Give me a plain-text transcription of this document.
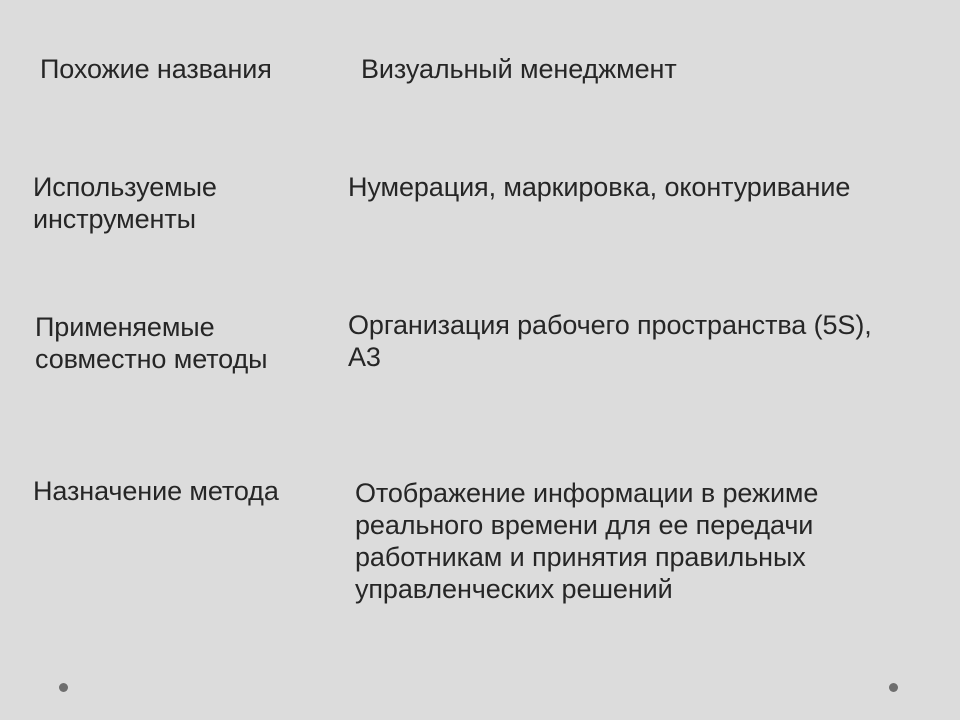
Похожие названия	Визуальный менеджмент
Используемые
инструменты
Нумерация, маркировка, оконтуривание
Применяемые
совместно методы
Организация рабочего пространства (5S),
А3
Назначение метода	Отображение информации в режиме
реального времени для ее передачи
работникам и принятия правильных
управленческих решений
